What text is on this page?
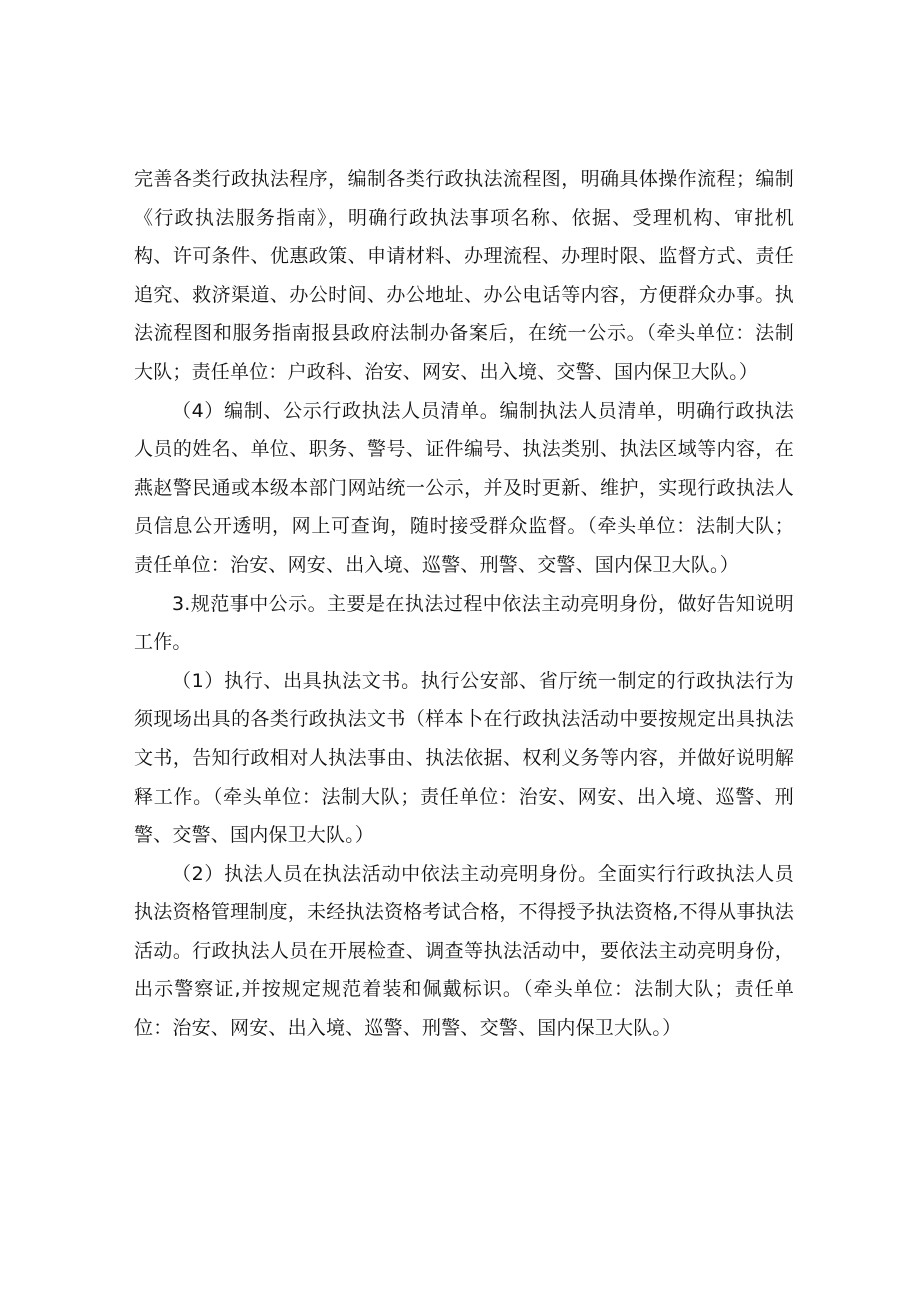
完善各类行政执法程序，编制各类行政执法流程图，明确具体操作流程；编制《行政执法服务指南》，明确行政执法事项名称、依据、受理机构、审批机构、许可条件、优惠政策、申请材料、办理流程、办理时限、监督方式、责任追究、救济渠道、办公时间、办公地址、办公电话等内容，方便群众办事。执法流程图和服务指南报县政府法制办备案后，在统一公示。（牵头单位：法制大队；责任单位：户政科、治安、网安、出入境、交警、国内保卫大队。）

（4）编制、公示行政执法人员清单。编制执法人员清单，明确行政执法人员的姓名、单位、职务、警号、证件编号、执法类别、执法区域等内容，在燕赵警民通或本级本部门网站统一公示，并及时更新、维护，实现行政执法人员信息公开透明，网上可查询，随时接受群众监督。（牵头单位：法制大队；责任单位：治安、网安、出入境、巡警、刑警、交警、国内保卫大队。）

3.规范事中公示。主要是在执法过程中依法主动亮明身份，做好告知说明工作。

（1）执行、出具执法文书。执行公安部、省厅统一制定的行政执法行为须现场出具的各类行政执法文书（样本卜在行政执法活动中要按规定出具执法文书，告知行政相对人执法事由、执法依据、权利义务等内容，并做好说明解释工作。（牵头单位：法制大队；责任单位：治安、网安、出入境、巡警、刑警、交警、国内保卫大队。）

（2）执法人员在执法活动中依法主动亮明身份。全面实行行政执法人员执法资格管理制度，未经执法资格考试合格，不得授予执法资格,不得从事执法活动。行政执法人员在开展检查、调查等执法活动中，要依法主动亮明身份，出示警察证,并按规定规范着装和佩戴标识。（牵头单位：法制大队；责任单位：治安、网安、出入境、巡警、刑警、交警、国内保卫大队。）
